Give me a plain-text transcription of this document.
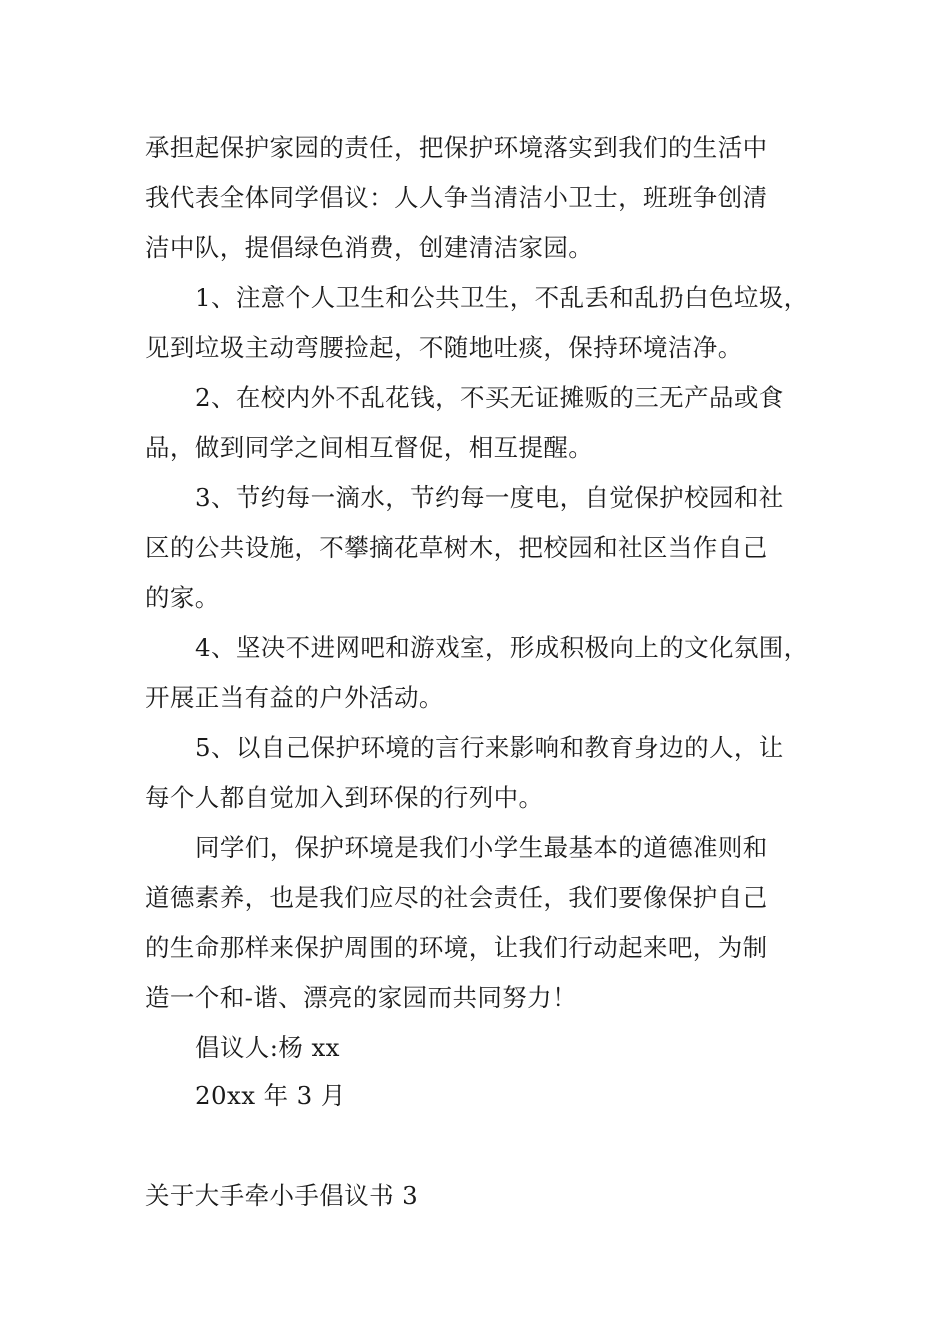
承担起保护家园的责任，把保护环境落实到我们的生活中
我代表全体同学倡议：人人争当清洁小卫士，班班争创清
洁中队，提倡绿色消费，创建清洁家园。
1、注意个人卫生和公共卫生，不乱丢和乱扔白色垃圾，
见到垃圾主动弯腰捡起，不随地吐痰，保持环境洁净。
2、在校内外不乱花钱，不买无证摊贩的三无产品或食
品，做到同学之间相互督促，相互提醒。
3、节约每一滴水，节约每一度电，自觉保护校园和社
区的公共设施，不攀摘花草树木，把校园和社区当作自己
的家。
4、坚决不进网吧和游戏室，形成积极向上的文化氛围，
开展正当有益的户外活动。
5、以自己保护环境的言行来影响和教育身边的人，让
每个人都自觉加入到环保的行列中。
同学们，保护环境是我们小学生最基本的道德准则和
道德素养，也是我们应尽的社会责任，我们要像保护自己
的生命那样来保护周围的环境，让我们行动起来吧，为制
造一个和-谐、漂亮的家园而共同努力！
倡议人:杨 xx
20xx 年 3 月
关于大手牵小手倡议书 3
